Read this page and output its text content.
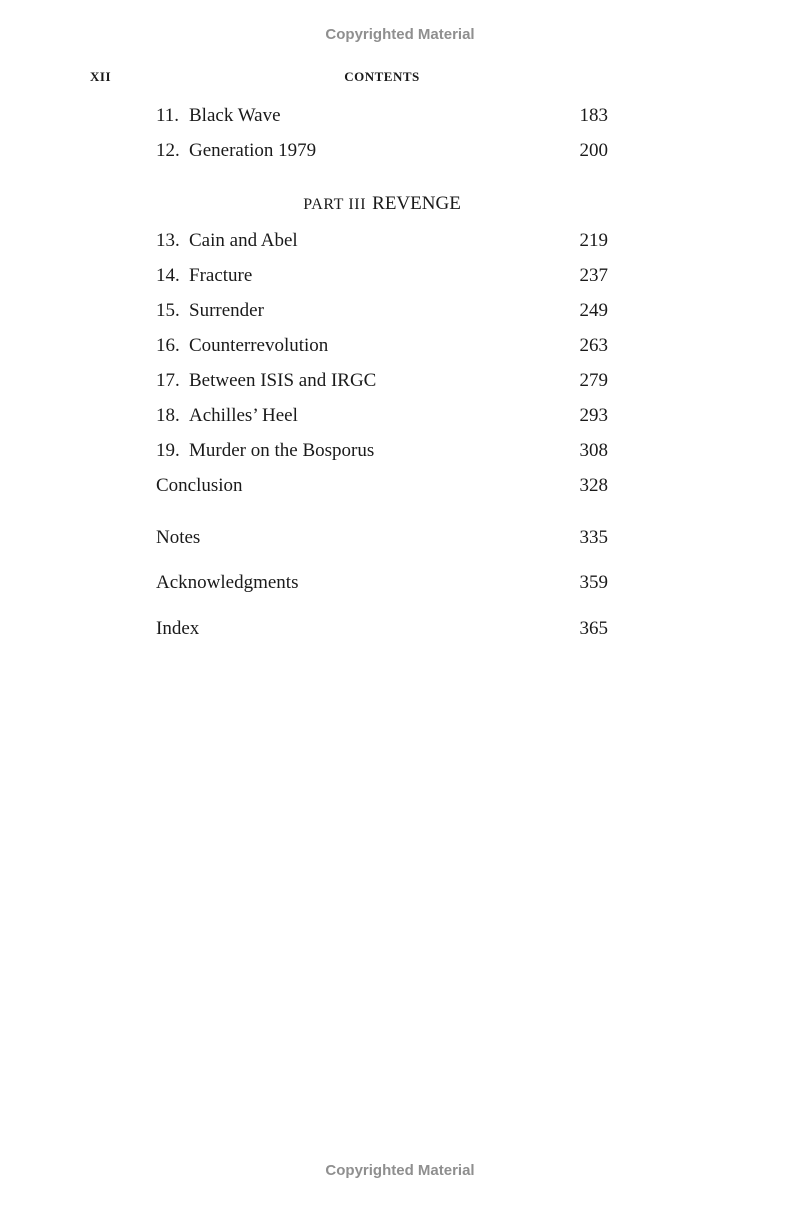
Copyrighted Material
XII	CONTENTS
11. Black Wave	183
12. Generation 1979	200
PART III REVENGE
13. Cain and Abel	219
14. Fracture	237
15. Surrender	249
16. Counterrevolution	263
17. Between ISIS and IRGC	279
18. Achilles’ Heel	293
19. Murder on the Bosporus	308
Conclusion	328
Notes	335
Acknowledgments	359
Index	365
Copyrighted Material
